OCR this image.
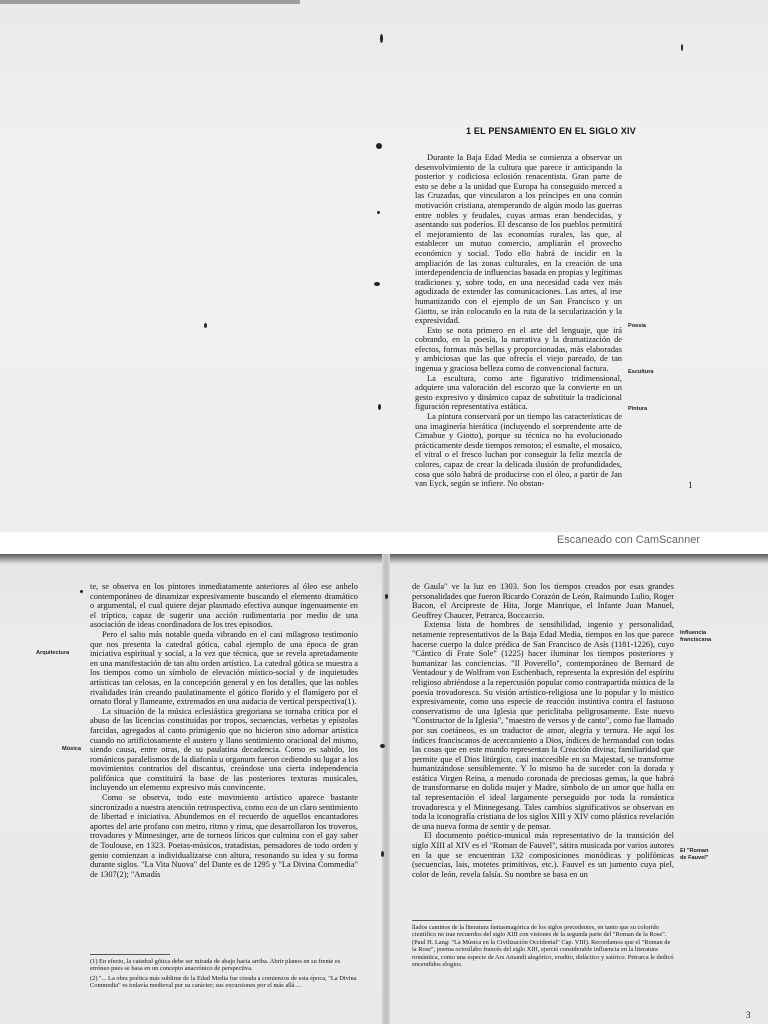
1 EL PENSAMIENTO EN EL SIGLO XIV

Durante la Baja Edad Media se comienza a observar un desenvolvimiento de la cultura que parece ir anticipando la posterior y codiciosa eclosión renacentista. Gran parte de esto se debe a la unidad que Europa ha conseguido merced a las Cruzadas, que vincularon a los príncipes en una común motivación cristiana, atemperando de algún modo las guerras entre nobles y feudales, cuyas armas eran bendecidas, y asentando sus poderíos. El descanso de los pueblos permitirá el mejoramiento de las economías rurales, las que, al establecer un mutuo comercio, ampliarán el provecho económico y social. Todo ello habrá de incidir en la ampliación de las zonas culturales, en la creación de una interdependencia de influencias basada en propias y legítimas tradiciones y, sobre todo, en una necesidad cada vez más agudizada de extender las comunicaciones. Las artes, al irse humanizando con el ejemplo de un San Francisco y un Giotto, se irán colocando en la ruta de la secularización y la expresividad.

Esto se nota primero en el arte del lenguaje, que irá cobrando, en la poesía, la narrativa y la dramatización de efectos, formas más bellas y proporcionadas, más elaboradas y ambiciosas que las que ofrecía el viejo pareado, de tan ingenua y graciosa belleza como de convencional factura.

La escultura, como arte figurativo tridimensional, adquiere una valoración del escorzo que la convierte en un gesto expresivo y dinámico capaz de substituir la tradicional figuración representativa estática.

La pintura conservará por un tiempo las características de una imaginería hierática (incluyendo el sorprendente arte de Cimabue y Giotto), porque su técnica no ha evolucionado prácticamente desde tiempos remotos; el esmalte, el mosaico, el vitral o el fresco luchan por conseguir la feliz mezcla de colores, capaz de crear la delicada ilusión de profundidades, cosa que sólo habrá de producirse con el óleo, a partir de Jan van Eyck, según se infiere. No obstan-

Poesía
Escultura
Pintura
1
Escaneado con CamScanner

te, se observa en los pintores inmediatamente anteriores al óleo ese anhelo contemporáneo de dinamizar expresivamente buscando el elemento dramático o argumental, el cual quiere dejar plasmado efectiva aunque ingenuamente en el tríptico, capaz de sugerir una acción rudimentaria por medio de una asociación de ideas coordinadora de los tres episodios.

Pero el salto más notable queda vibrando en el casi milagroso testimonio que nos presenta la catedral gótica, cabal ejemplo de una época de gran iniciativa espiritual y social, a la vez que técnica, que se revela apretadamente en una manifestación de tan alto orden artístico. La catedral gótica se muestra a los tiempos como un símbolo de elevación místico-social y de inquietudes artísticas tan celosas, en la concepción general y en los detalles, que las nobles rivalidades irán creando paulatinamente el gótico florido y el flamígero por el ornato floral y llameante, extremados en una audacia de vertical perspectiva(1).

La situación de la música eclesiástica gregoriana se tornaba crítica por el abuso de las licencias constituidas por tropos, secuencias, verbetas y epístolas farcidas, agregados al canto primigenio que no hicieron sino adornar artística cuando no artificiosamente el austero y llano sentimiento oracional del mismo, siendo causa, entre otras, de su paulatina decadencia. Como es sabido, los románicos paralelismos de la diafonía u organum fueron cediendo su lugar a los movimientos contrarios del discantus, creándose una cierta independencia polifónica que constituirá la base de las posteriores texturas musicales, incluyendo un elemento expresivo más convincente.

Como se observa, todo este movimiento artístico aparece bastante sincronizado a nuestra atención retrospectiva, como eco de un claro sentimiento de libertad e iniciativa. Abundemos en el recuerdo de aquellos encantadores aportes del arte profano con metro, ritmo y rima, que desarrollaron los troveros, trovadores y Minnesinger, arte de torneos líricos que culmina con el gay saber de Toulouse, en 1323. Poetas-músicos, tratadistas, pensadores de todo orden y genio comienzan a individualizarse con altura, resonando su idea y su forma durante siglos. "La Vita Nuova" del Dante es de 1295 y "La Divina Commedia" de 1307(2); "Amadís

Arquitectura
Música

(1) En efecto, la catedral gótica debe ser mirada de abajo hacia arriba. Abrir planos en su frente es erróneo pues se basa en un concepto anacrónico de perspectiva.

(2) "... La obra poética más sublime de la Edad Media fue creada a comienzos de esta época, "La Divina Commedia" es todavía medieval por su carácter; sus excursiones por el más allá ...

de Gaula" ve la luz en 1303. Son los tiempos creados por esas grandes personalidades que fueron Ricardo Corazón de León, Raimundo Lulio, Roger Bacon, el Arcipreste de Hita, Jorge Manrique, el Infante Juan Manuel, Geoffrey Chaucer, Petrarca, Boccaccio.

Extensa lista de hombres de sensibilidad, ingenio y personalidad, netamente representativos de la Baja Edad Media, tiempos en los que parece hacerse cuerpo la dulce prédica de San Francisco de Asís (1181-1226), cuyo "Cántico di Frate Sole" (1225) hacer iluminar los tiempos posteriores y humanizar las conciencias. "Il Poverello", contemporáneo de Bernard de Ventadour y de Wolfram von Eschenbach, representa la expresión del espíritu religioso abriéndose a la repercusión popular como contrapartida mística de la poesía trovadoresca. Su visión artístico-religiosa une lo popular y lo místico expresivamente, como una especie de reacción instintiva contra el fastuoso conservatismo de una Iglesia que periclitaba peligrosamente. Este nuevo "Constructor de la Iglesia", "maestro de versos y de canto", como fue llamado por sus coetáneos, es un traductor de amor, alegría y ternura. He aquí los índices franciscanos de acercamiento a Dios, índices de hermandad con todas las cosas que en este mundo representan la Creación divina; familiaridad que permite que el Dios litúrgico, casi inaccesible en su Majestad, se transforme humanizándose sensiblemente. Y lo mismo ha de suceder con la dorada y estática Virgen Reina, a menudo coronada de preciosas gemas, la que habrá de transformarse en dolida mujer y Madre, símbolo de un amor que halla en tal representación el ideal largamente perseguido por toda la romántica trovadoresca y el Minnegesang. Tales cambios significativos se observan en toda la iconografía cristiana de los siglos XIII y XIV como plástica revelación de una nueva forma de sentir y de pensar.

El documento poético-musical más representativo de la transición del siglo XIII al XIV es el "Roman de Fauvel", sátira musicada por varios autores en la que se encuentran 132 composiciones monódicas y polifónicas (secuencias, lais, motetes primitivos, etc.). Fauvel es un jumento cuya piel, color de león, revela falsía. Su nombre se basa en un

Influencia franciscana
El "Roman de Fauvel"

llados caminos de la literatura fantasmagórica de los siglos precedentes, en tanto que su colorido científico no trae recuerdos del siglo XIII con visiones de la segunda parte del "Roman de la Rose". (Paul H. Lang: "La Música en la Civilización Occidental" Cap. VIII). Recordamos que el "Roman de la Rose", poema octosílabo francés del siglo XIII, ejerció considerable influencia en la literatura romántica, como una especie de Ars Amandi alegórico, erudito, didáctico y satírico. Petrarca le dedicó encendidos elogios.

3
